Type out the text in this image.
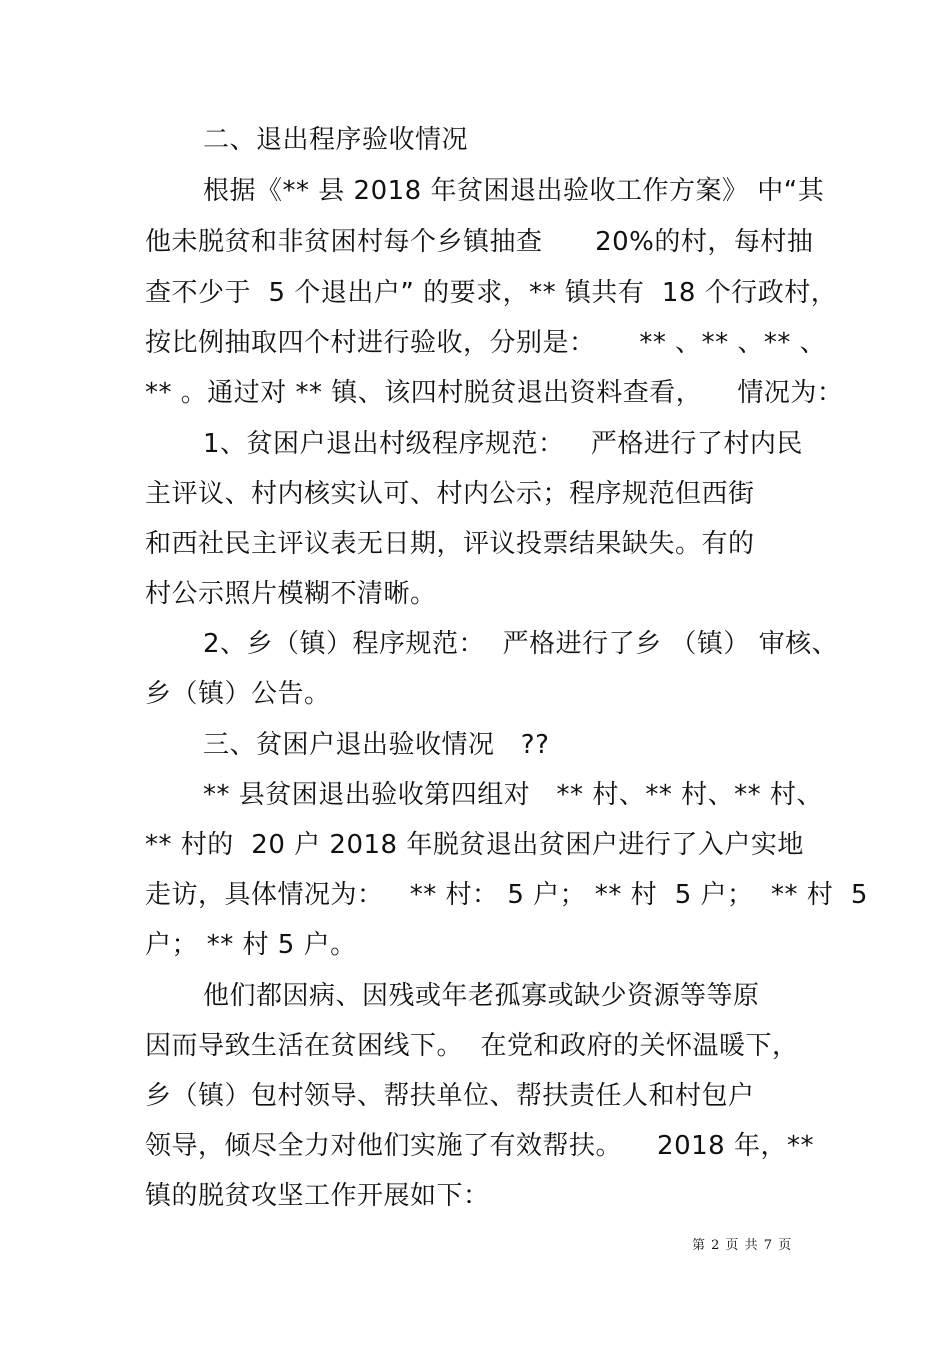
二、退出程序验收情况
根据《** 县 2018 年贫困退出验收工作方案》 中“其
他未脱贫和非贫困村每个乡镇抽查      20%的村，每村抽
查不少于  5 个退出户” 的要求，** 镇共有  18 个行政村，
按比例抽取四个村进行验收，分别是：     ** 、** 、** 、
** 。通过对 ** 镇、该四村脱贫退出资料查看，    情况为：
1、贫困户退出村级程序规范：   严格进行了村内民
主评议、村内核实认可、村内公示；程序规范但西街
和西社民主评议表无日期，评议投票结果缺失。有的
村公示照片模糊不清晰。
2、乡（镇）程序规范：  严格进行了乡 （镇） 审核、
乡（镇）公告。
三、贫困户退出验收情况   ??
** 县贫困退出验收第四组对   ** 村、** 村、** 村、
** 村的  20 户 2018 年脱贫退出贫困户进行了入户实地
走访，具体情况为：   ** 村： 5 户； ** 村  5 户；  ** 村  5
户； ** 村 5 户。
他们都因病、因残或年老孤寡或缺少资源等等原
因而导致生活在贫困线下。  在党和政府的关怀温暖下，
乡（镇）包村领导、帮扶单位、帮扶责任人和村包户
领导，倾尽全力对他们实施了有效帮扶。    2018 年，**
镇的脱贫攻坚工作开展如下：
第 2 页 共 7 页
